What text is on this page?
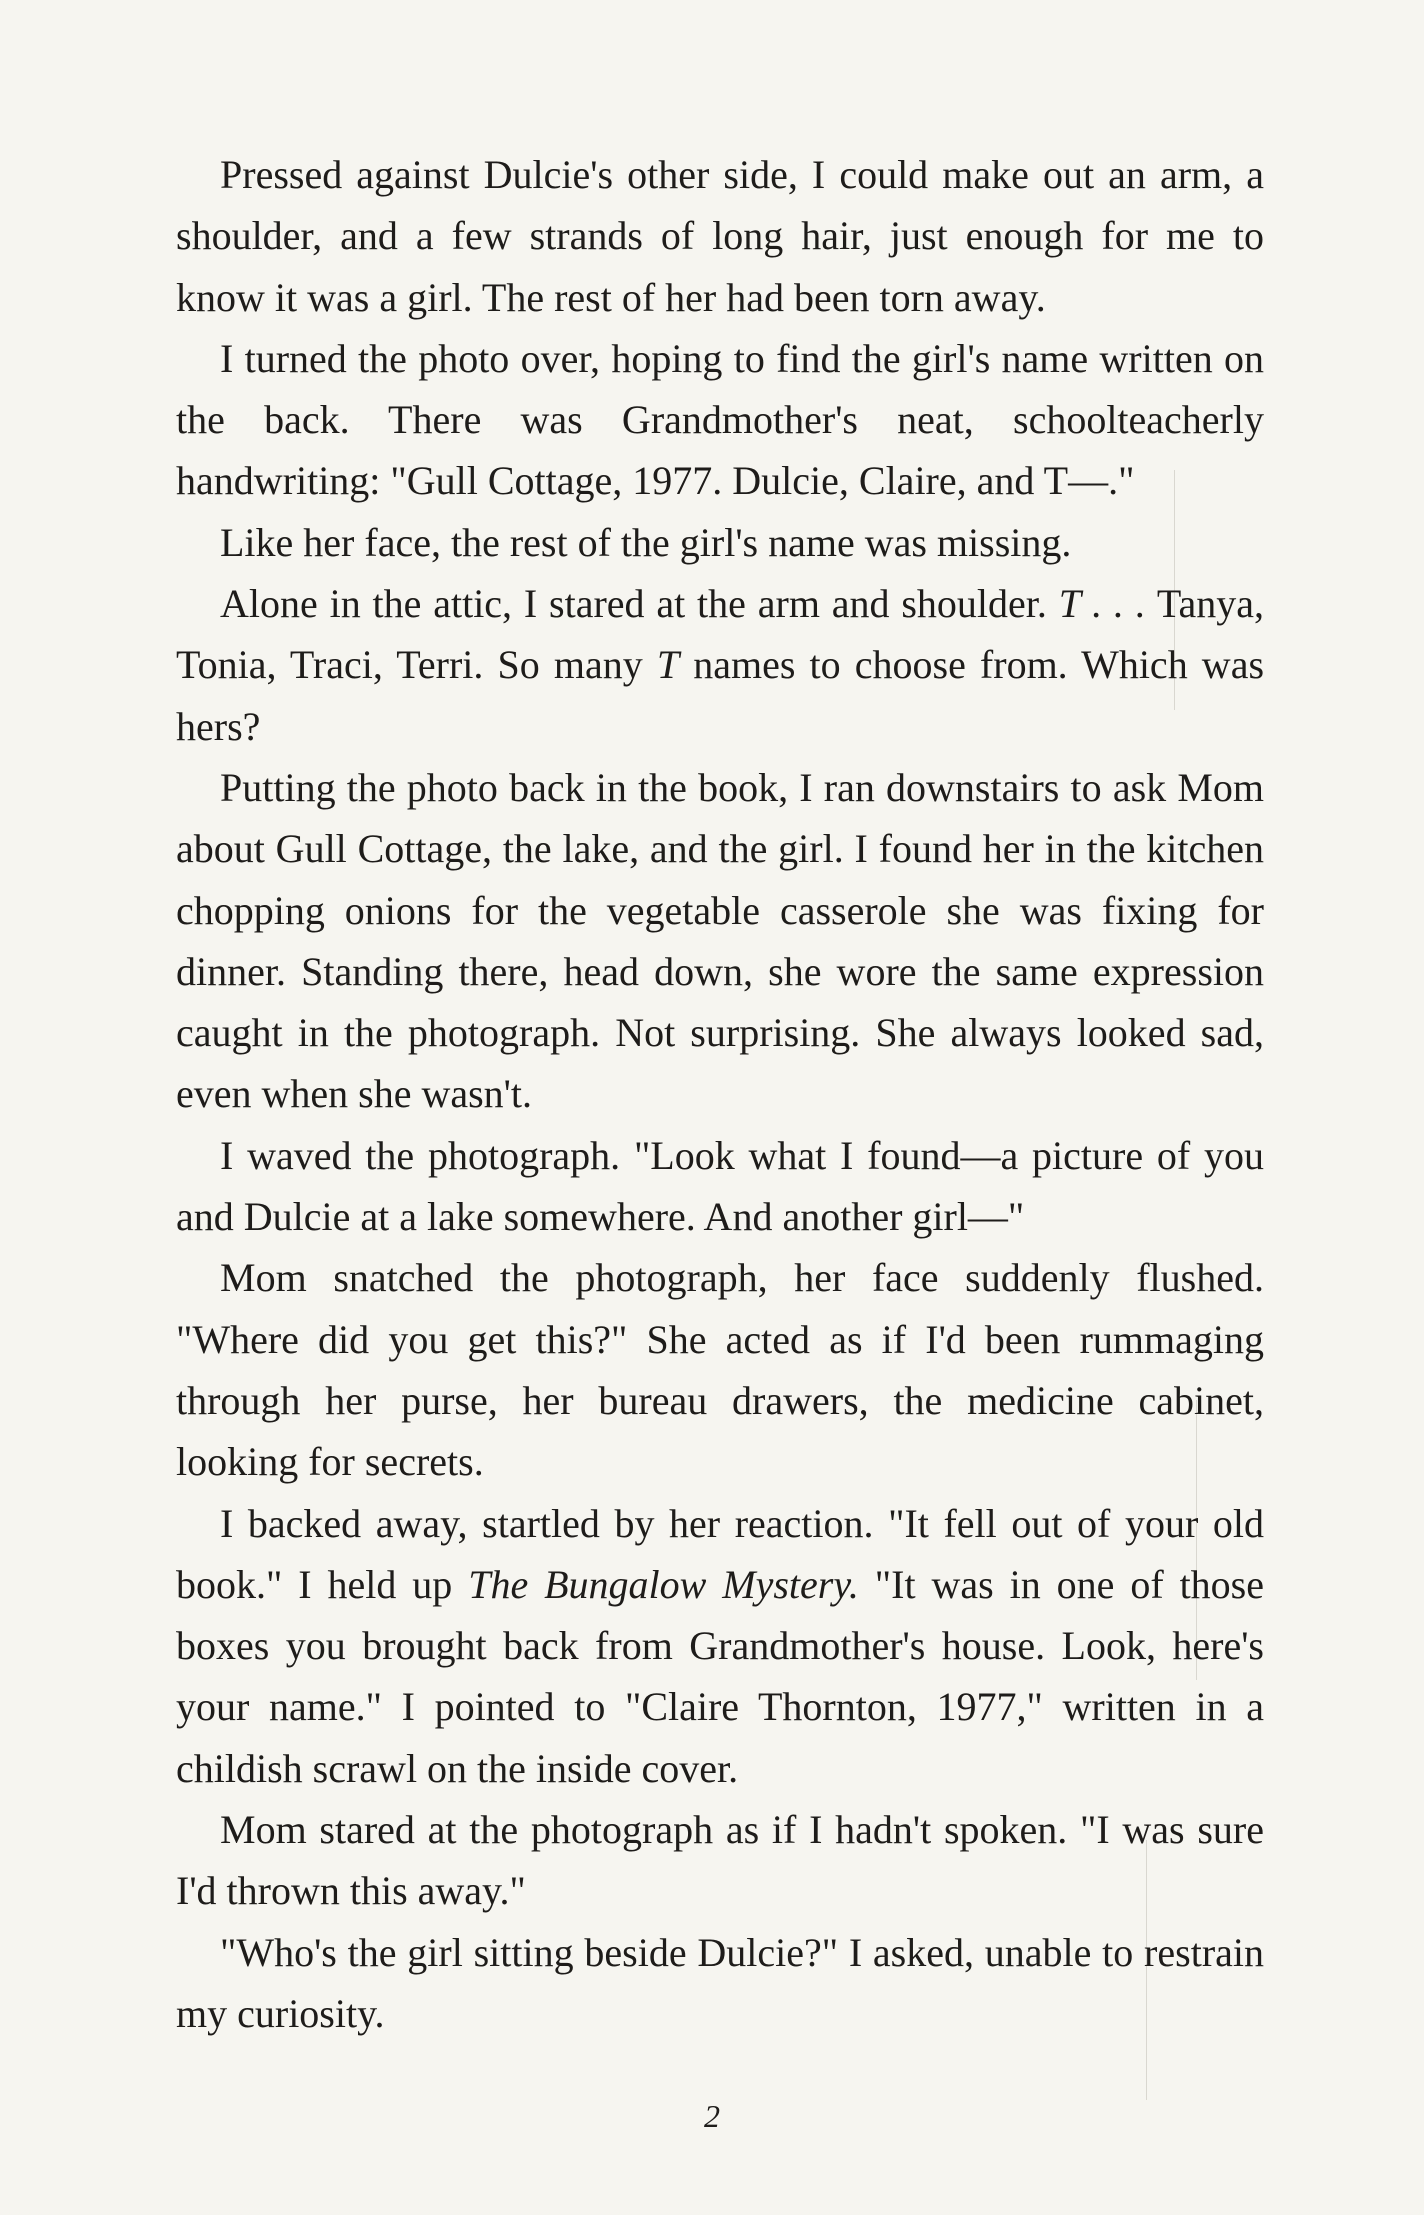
Pressed against Dulcie's other side, I could make out an arm, a shoulder, and a few strands of long hair, just enough for me to know it was a girl. The rest of her had been torn away.

I turned the photo over, hoping to find the girl's name written on the back. There was Grandmother's neat, schoolteacherly handwriting: "Gull Cottage, 1977. Dulcie, Claire, and T—."

Like her face, the rest of the girl's name was missing.

Alone in the attic, I stared at the arm and shoulder. T . . . Tanya, Tonia, Traci, Terri. So many T names to choose from. Which was hers?

Putting the photo back in the book, I ran downstairs to ask Mom about Gull Cottage, the lake, and the girl. I found her in the kitchen chopping onions for the vegetable casserole she was fixing for dinner. Standing there, head down, she wore the same expression caught in the photograph. Not surprising. She always looked sad, even when she wasn't.

I waved the photograph. "Look what I found—a picture of you and Dulcie at a lake somewhere. And another girl—"

Mom snatched the photograph, her face suddenly flushed. "Where did you get this?" She acted as if I'd been rummaging through her purse, her bureau drawers, the medicine cabinet, looking for secrets.

I backed away, startled by her reaction. "It fell out of your old book." I held up The Bungalow Mystery. "It was in one of those boxes you brought back from Grandmother's house. Look, here's your name." I pointed to "Claire Thornton, 1977," written in a childish scrawl on the inside cover.

Mom stared at the photograph as if I hadn't spoken. "I was sure I'd thrown this away."

"Who's the girl sitting beside Dulcie?" I asked, unable to restrain my curiosity.

2
